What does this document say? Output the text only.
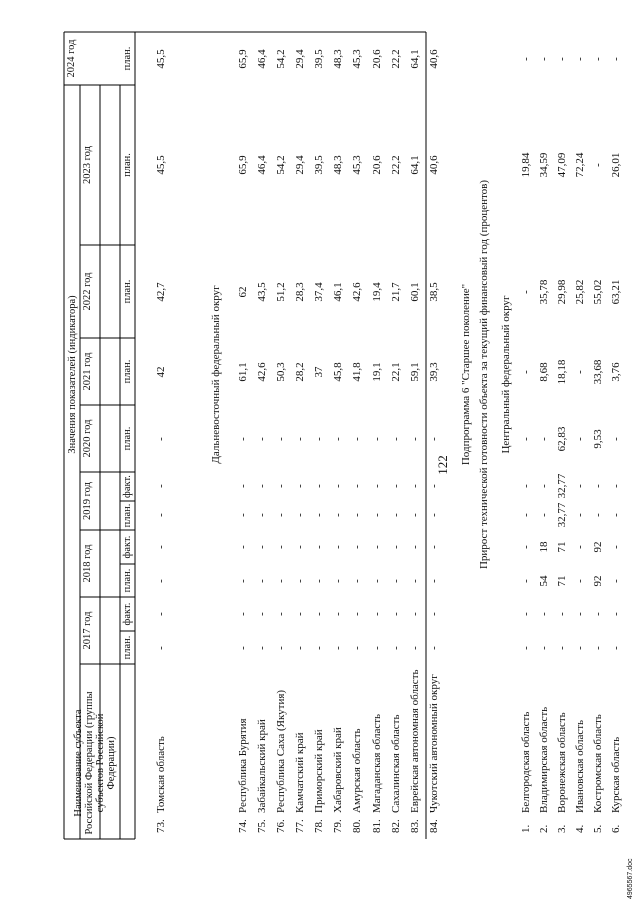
122
4965567.doc
73.
Томская область
-
-
-
-
-
-
-
42
42,7
45,5
45,5
Дальневосточный федеральный округ
74.
Республика Бурятия
-
-
-
-
-
-
-
61,1
62
65,9
65,9
75.
Забайкальский край
-
-
-
-
-
-
-
42,6
43,5
46,4
46,4
76.
Республика Саха (Якутия)
-
-
-
-
-
-
-
50,3
51,2
54,2
54,2
77.
Камчатский край
-
-
-
-
-
-
-
28,2
28,3
29,4
29,4
78.
Приморский край
-
-
-
-
-
-
-
37
37,4
39,5
39,5
79.
Хабаровский край
-
-
-
-
-
-
-
45,8
46,1
48,3
48,3
80.
Амурская область
-
-
-
-
-
-
-
41,8
42,6
45,3
45,3
81.
Магаданская область
-
-
-
-
-
-
-
19,1
19,4
20,6
20,6
82.
Сахалинская область
-
-
-
-
-
-
-
22,1
21,7
22,2
22,2
83.
Еврейская автономная область
-
-
-
-
-
-
-
59,1
60,1
64,1
64,1
84.
Чукотский автономный округ
-
-
-
-
-
-
-
39,3
38,5
40,6
40,6
Подпрограмма 6 "Старшее поколение" Прирост технической готовности объекта за текущий финансовый год (процентов) Центральный федеральный округ
1.
Белгородская область
-
-
-
-
-
-
-
-
-
19,84
-
2.
Владимирская область
-
-
54
18
-
-
-
8,68
35,78
34,59
-
3.
Воронежская область
-
-
71
71
32,77
32,77
62,83
18,18
29,98
47,09
-
4.
Ивановская область
-
-
-
-
-
-
-
-
25,82
72,24
-
5.
Костромская область
-
-
92
92
-
-
9,53
33,68
55,02
-
-
6.
Курская область
-
-
-
-
-
-
-
3,76
63,21
26,01
-
Наименование субъекта Российской Федерации (группы субъектов Российской Федерации)
Значения показателей (индикатора)
2017 год
2018 год
2019 год
2020 год
2021 год
2022 год
2023 год
2024 год
план.
факт.
план.
факт.
план.
факт.
план.
план.
план.
план.
план.
